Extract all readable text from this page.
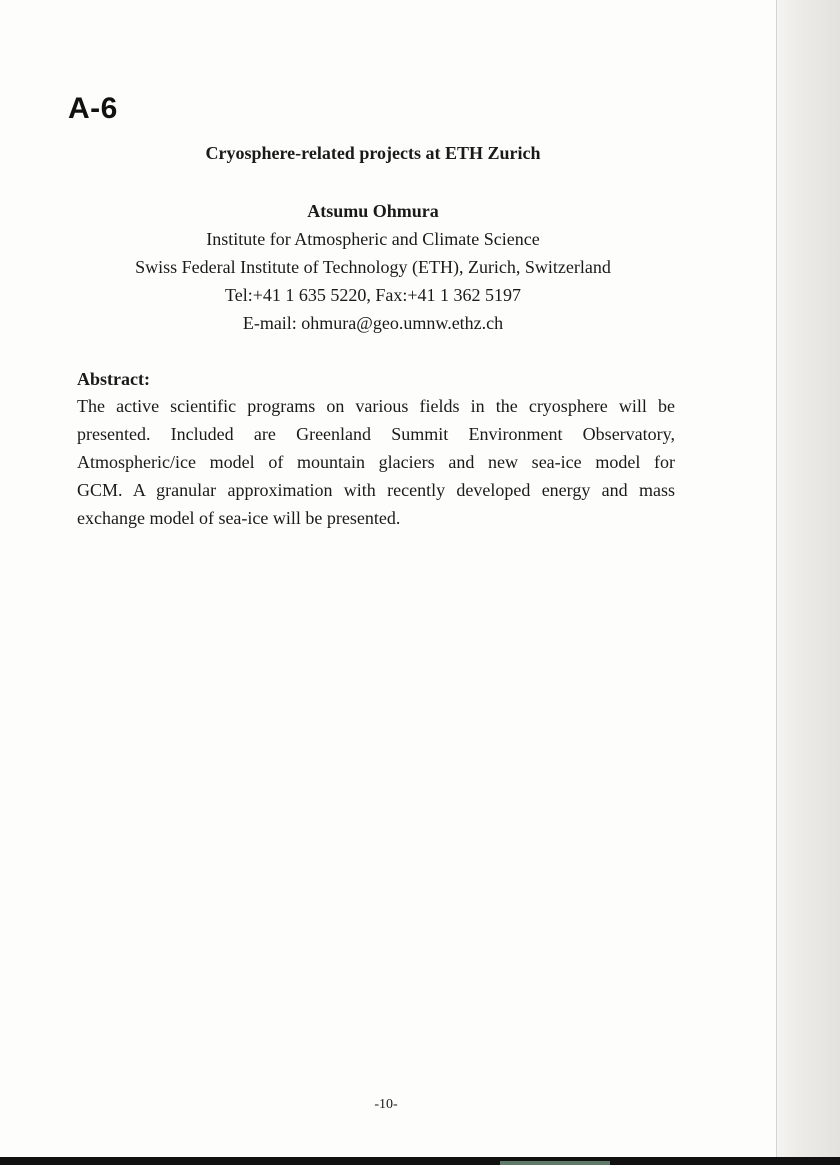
A-6
Cryosphere-related projects at ETH Zurich

Atsumu Ohmura

Institute for Atmospheric and Climate Science

Swiss Federal Institute of Technology (ETH), Zurich, Switzerland

Tel:+41 1 635 5220, Fax:+41 1 362 5197

E-mail: ohmura@geo.umnw.ethz.ch

Abstract:
The active scientific programs on various fields in the cryosphere will be
presented. Included are Greenland Summit Environment Observatory,
Atmospheric/ice model of mountain glaciers and new sea-ice model for
GCM. A granular approximation with recently developed energy and mass
exchange model of sea-ice will be presented.

-10-
